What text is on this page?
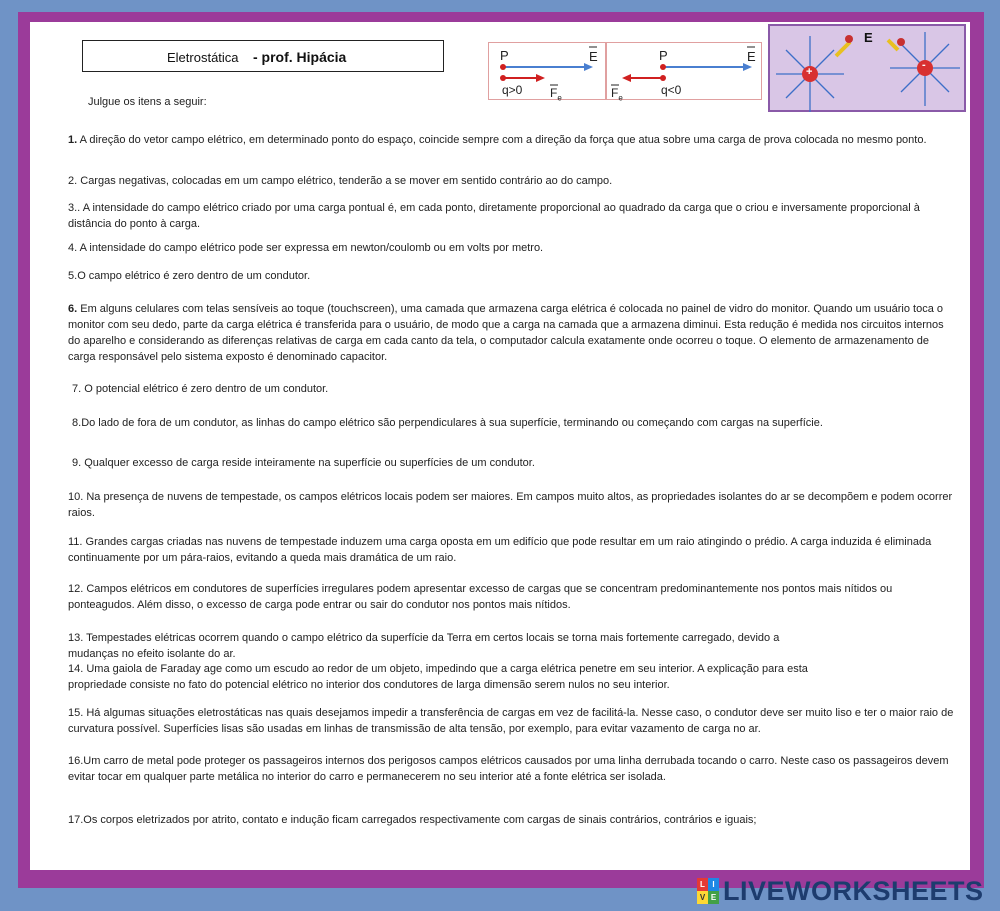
Eletrostática - prof. Hipácia	P	E
q>0 $F_e$
P	E
$F_e$
q<0
E
+
-
Julgue os itens a seguir:

1. A direção do vetor campo elétrico, em determinado ponto do espaço, coincide sempre com a direção da força que atua sobre uma carga de prova colocada no mesmo ponto.

2. Cargas negativas, colocadas em um campo elétrico, tenderão a se mover em sentido contrário ao do campo.

3.. A intensidade do campo elétrico criado por uma carga pontual é, em cada ponto, diretamente proporcional ao quadrado da carga que o criou e inversamente proporcional à distância do ponto à carga.

4. A intensidade do campo elétrico pode ser expressa em newton/coulomb ou em volts por metro.

5.O campo elétrico é zero dentro de um condutor.

6. Em alguns celulares com telas sensíveis ao toque (touchscreen), uma camada que armazena carga elétrica é colocada no painel de vidro do monitor. Quando um usuário toca o monitor com seu dedo, parte da carga elétrica é transferida para o usuário, de modo que a carga na camada que a armazena diminui. Esta redução é medida nos circuitos internos do aparelho e considerando as diferenças relativas de carga em cada canto da tela, o computador calcula exatamente onde ocorreu o toque. O elemento de armazenamento de carga responsável pelo sistema exposto é denominado capacitor.

7. O potencial elétrico é zero dentro de um condutor.

8.Do lado de fora de um condutor, as linhas do campo elétrico são perpendiculares à sua superfície, terminando ou começando com cargas na superfície.

9. Qualquer excesso de carga reside inteiramente na superfície ou superfícies de um condutor.

10. Na presença de nuvens de tempestade, os campos elétricos locais podem ser maiores. Em campos muito altos, as propriedades isolantes do ar se decompõem e podem ocorrer raios.

11. Grandes cargas criadas nas nuvens de tempestade induzem uma carga oposta em um edifício que pode resultar em um raio atingindo o prédio. A carga induzida é eliminada continuamente por um pára-raios, evitando a queda mais dramática de um raio.

12. Campos elétricos em condutores de superfícies irregulares podem apresentar excesso de cargas que se concentram predominantemente nos pontos mais nítidos ou ponteagudos. Além disso, o excesso de carga pode entrar ou sair do condutor nos pontos mais nítidos.

13. Tempestades elétricas ocorrem quando o campo elétrico da superfície da Terra em certos locais se torna mais fortemente carregado, devido a mudanças no efeito isolante do ar.

14. Uma gaiola de Faraday age como um escudo ao redor de um objeto, impedindo que a carga elétrica penetre em seu interior. A explicação para esta propriedade consiste no fato do potencial elétrico no interior dos condutores de larga dimensão serem nulos no seu interior.

15. Há algumas situações eletrostáticas nas quais desejamos impedir a transferência de cargas em vez de facilitá-la. Nesse caso, o condutor deve ser muito liso e ter o maior raio de curvatura possível. Superfícies lisas são usadas em linhas de transmissão de alta tensão, por exemplo, para evitar vazamento de carga no ar.

16.Um carro de metal pode proteger os passageiros internos dos perigosos campos elétricos causados por uma linha derrubada tocando o carro. Neste caso os passageiros devem evitar tocar em qualquer parte metálica no interior do carro e permanecerem no seu interior até a fonte elétrica ser isolada.

17.Os corpos eletrizados por atrito, contato e indução ficam carregados respectivamente com cargas de sinais contrários, contrários e iguais;

L I
V E LIVEWORKSHEETS
